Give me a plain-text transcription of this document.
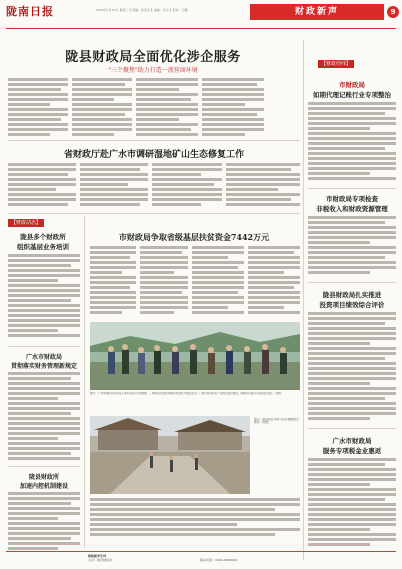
陇南日报	2023年1月10日 星期二 ┃ 责编：孙奕华 ┃ 美编：马云 ┃ 校对：王鹏	财政新声	9
陇县财政局全面优化涉企服务
"三个聚焦"助力打造一流营商环境
【财政经纬】
市财政局
如期代理记账行业专项整治
市财政局专项检查
非税收入和财政资源管理
陇县财政局扎实推进
投资项目绩效综合评价
广水市财政局
服务专项税金业惠返
省财政厅赴广水市调研湿地矿山生态修复工作
【财政动态】
陇县多个财政所
组织基层业务培训
广水市财政局
贯彻落实财务管理新规定
陇县财政所
加速内控机制建设
市财政局争取省级基层扶贫资金7442万元
图为：广水市财政局领导深入扶贫项目点开展调研，了解项目资金使用情况并组织开展农业生产。图为某村扶贫产业项目建设现场，助推乡村振兴与高质量发展。（供图）
图为：推进项目实施与乡村道路建设现场（供图）
财政新声专刊
主办：陇县财政局	联系电话：0000-0000000
